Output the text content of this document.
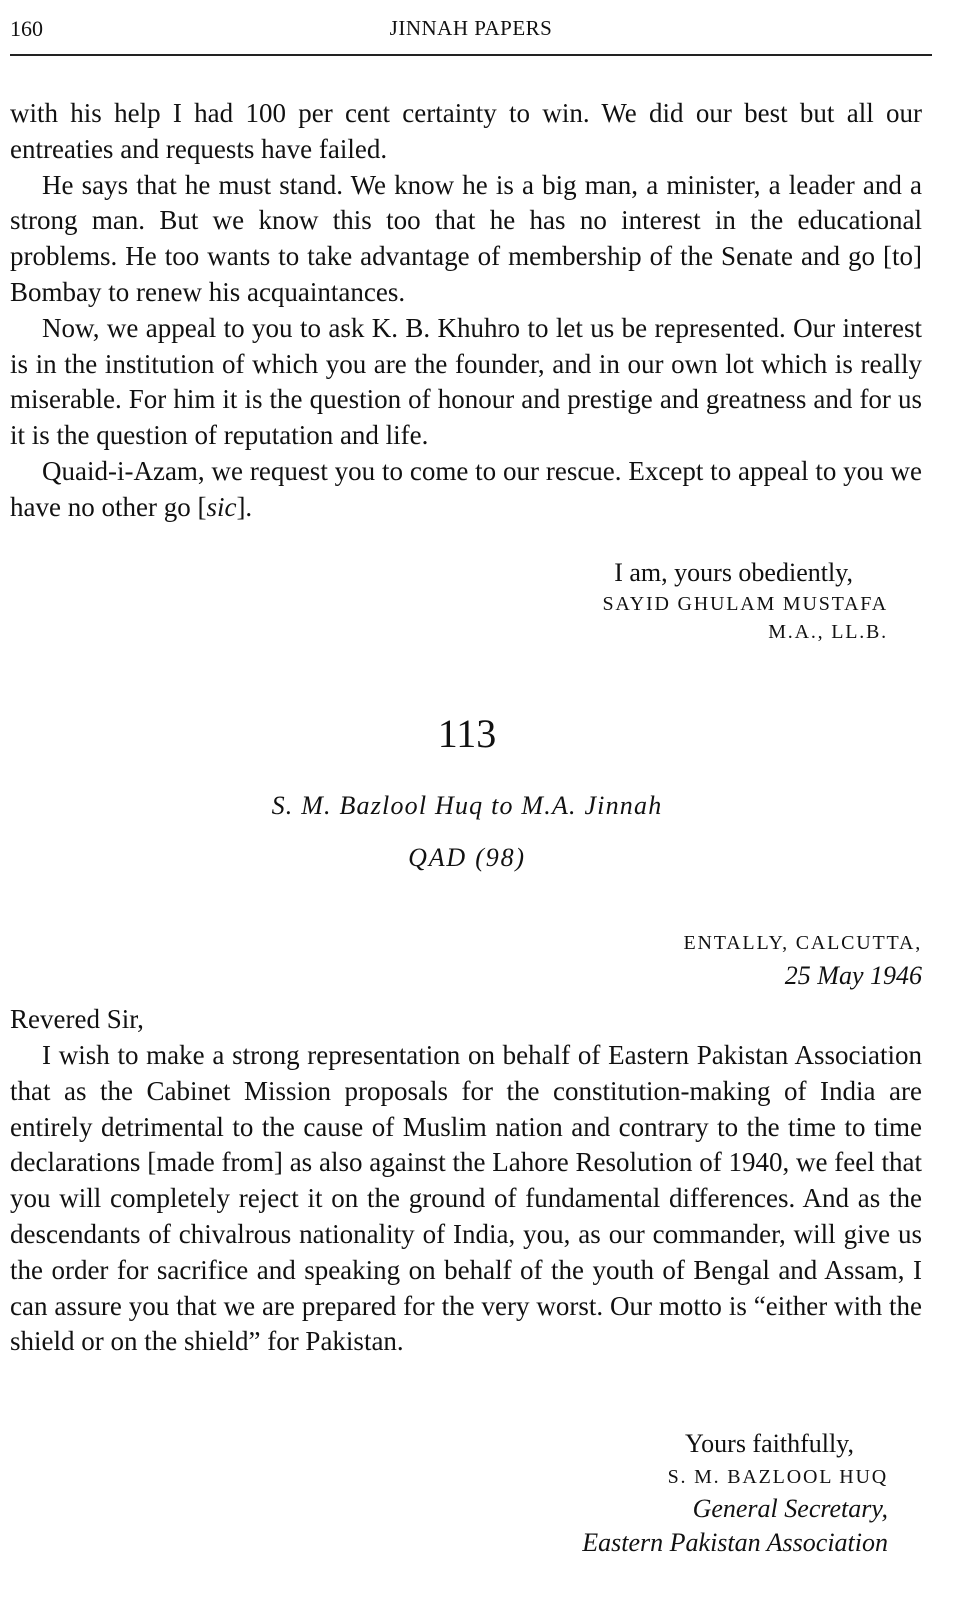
160	JINNAH PAPERS

with his help I had 100 per cent certainty to win. We did our best but all our entreaties and requests have failed.

He says that he must stand. We know he is a big man, a minister, a leader and a strong man. But we know this too that he has no interest in the educational problems. He too wants to take advantage of membership of the Senate and go [to] Bombay to renew his acquaintances.

Now, we appeal to you to ask K. B. Khuhro to let us be represented. Our interest is in the institution of which you are the founder, and in our own lot which is really miserable. For him it is the question of honour and prestige and greatness and for us it is the question of reputation and life.

Quaid-i-Azam, we request you to come to our rescue. Except to appeal to you we have no other go [sic].

I am, yours obediently,
SAYID GHULAM MUSTAFA
M.A., LL.B.
113
S. M. Bazlool Huq to M.A. Jinnah
QAD (98)
ENTALLY, CALCUTTA,
25 May 1946
Revered Sir,

I wish to make a strong representation on behalf of Eastern Pakistan Association that as the Cabinet Mission proposals for the constitution-making of India are entirely detrimental to the cause of Muslim nation and contrary to the time to time declarations [made from] as also against the Lahore Resolution of 1940, we feel that you will completely reject it on the ground of fundamental differences. And as the descendants of chivalrous nationality of India, you, as our commander, will give us the order for sacrifice and speaking on behalf of the youth of Bengal and Assam, I can assure you that we are prepared for the very worst. Our motto is “either with the shield or on the shield” for Pakistan.

Yours faithfully,
S. M. BAZLOOL HUQ
General Secretary,
Eastern Pakistan Association
